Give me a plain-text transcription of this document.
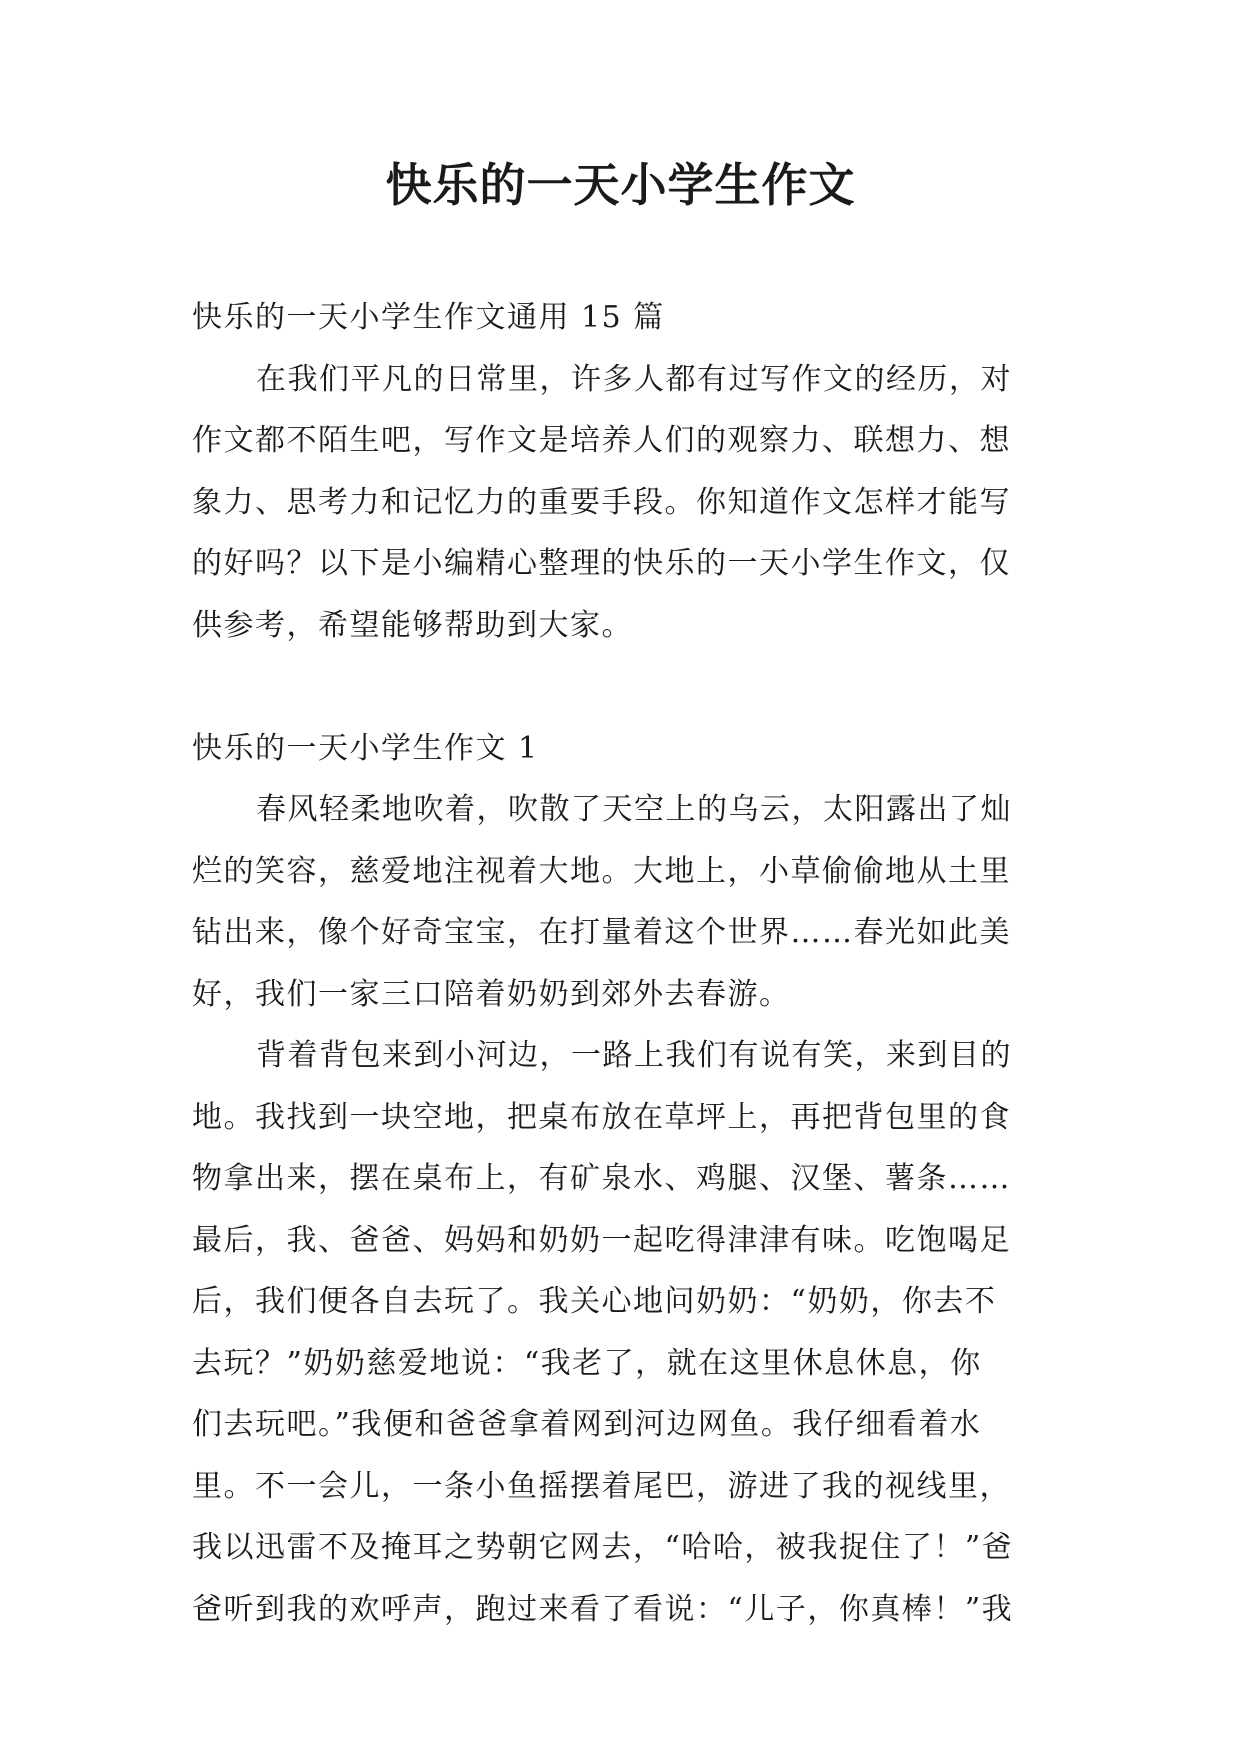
快乐的一天小学生作文

快乐的一天小学生作文通用 15 篇

在我们平凡的日常里，许多人都有过写作文的经历，对

作文都不陌生吧，写作文是培养人们的观察力、联想力、想

象力、思考力和记忆力的重要手段。你知道作文怎样才能写

的好吗？以下是小编精心整理的快乐的一天小学生作文，仅

供参考，希望能够帮助到大家。

快乐的一天小学生作文 1

春风轻柔地吹着，吹散了天空上的乌云，太阳露出了灿

烂的笑容，慈爱地注视着大地。大地上，小草偷偷地从土里

钻出来，像个好奇宝宝，在打量着这个世界……春光如此美

好，我们一家三口陪着奶奶到郊外去春游。

背着背包来到小河边，一路上我们有说有笑，来到目的

地。我找到一块空地，把桌布放在草坪上，再把背包里的食

物拿出来，摆在桌布上，有矿泉水、鸡腿、汉堡、薯条……

最后，我、爸爸、妈妈和奶奶一起吃得津津有味。吃饱喝足

后，我们便各自去玩了。我关心地问奶奶：“奶奶，你去不

去玩？”奶奶慈爱地说：“我老了，就在这里休息休息，你

们去玩吧。”我便和爸爸拿着网到河边网鱼。我仔细看着水

里。不一会儿，一条小鱼摇摆着尾巴，游进了我的视线里，

我以迅雷不及掩耳之势朝它网去，“哈哈，被我捉住了！”爸

爸听到我的欢呼声，跑过来看了看说：“儿子，你真棒！”我
